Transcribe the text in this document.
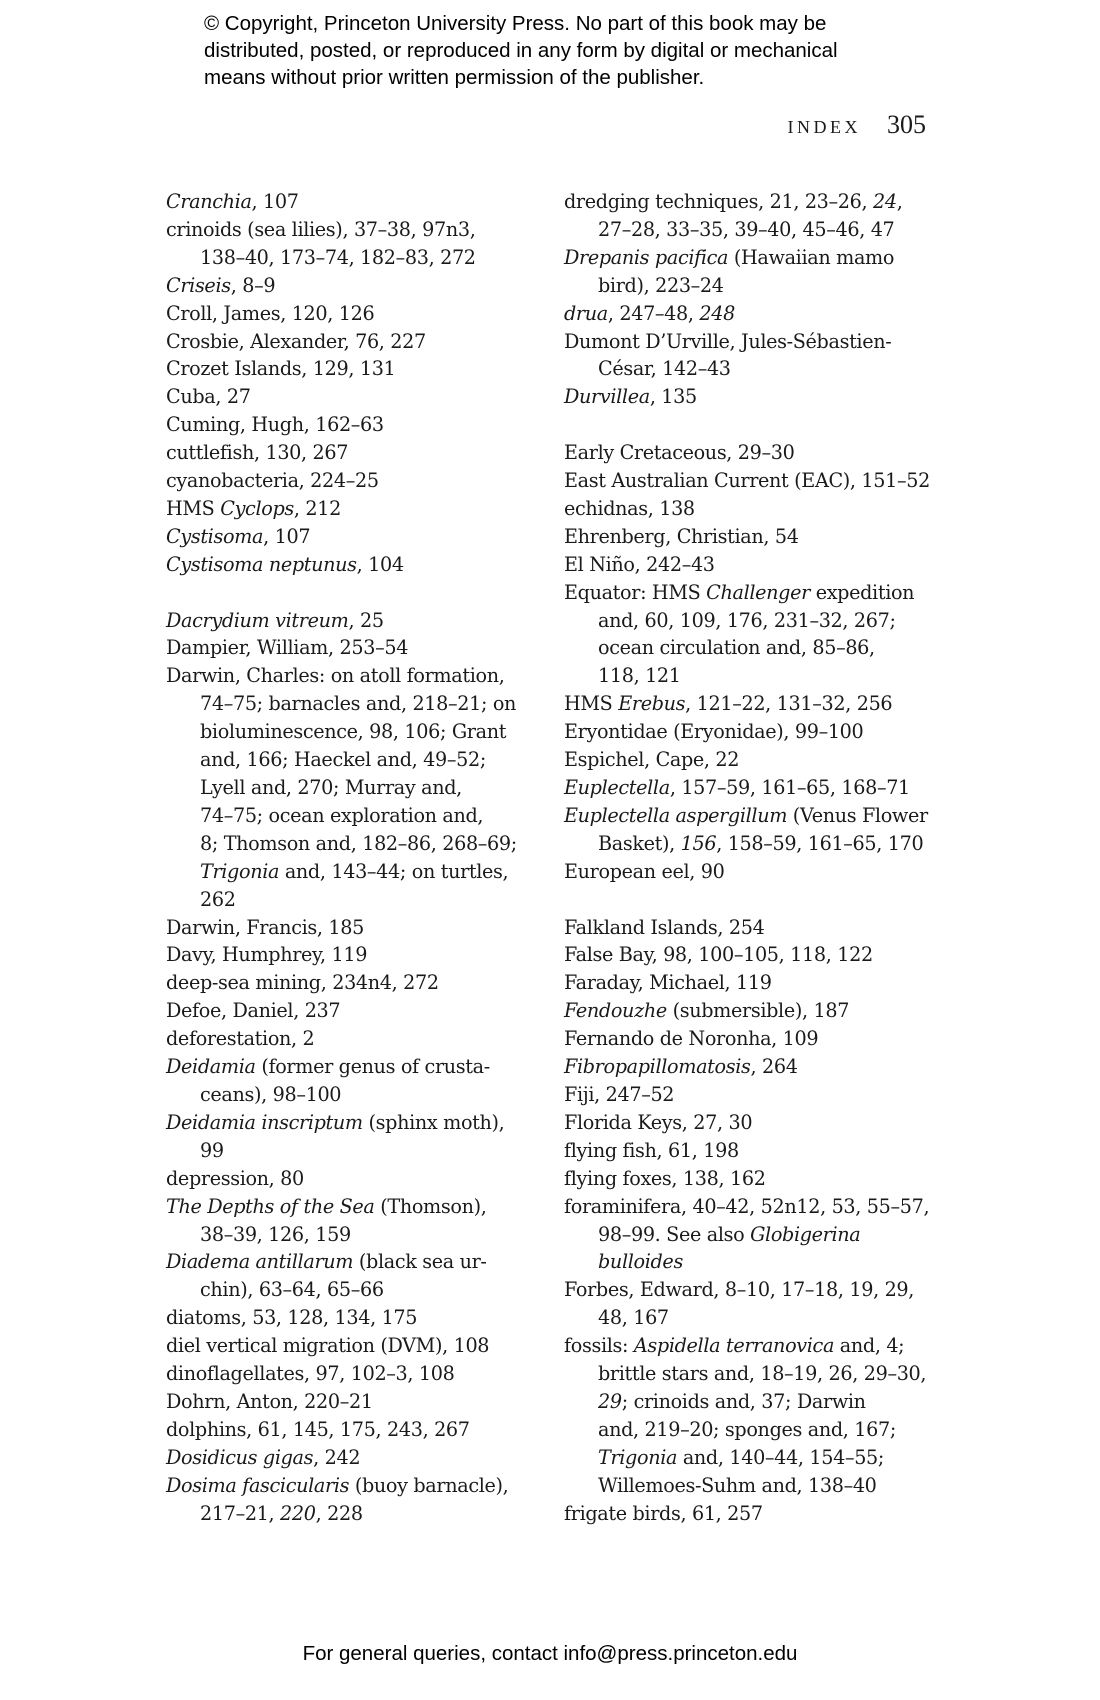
© Copyright, Princeton University Press. No part of this book may be
distributed, posted, or reproduced in any form by digital or mechanical
means without prior written permission of the publisher.
INDEX 305
Cranchia, 107
crinoids (sea lilies), 37–38, 97n3,
138–40, 173–74, 182–83, 272
Criseis, 8–9
Croll, James, 120, 126
Crosbie, Alexander, 76, 227
Crozet Islands, 129, 131
Cuba, 27
Cuming, Hugh, 162–63
cuttlefish, 130, 267
cyanobacteria, 224–25
HMS Cyclops, 212
Cystisoma, 107
Cystisoma neptunus, 104
Dacrydium vitreum, 25
Dampier, William, 253–54
Darwin, Charles: on atoll formation,
74–75; barnacles and, 218–21; on
bioluminescence, 98, 106; Grant
and, 166; Haeckel and, 49–52;
Lyell and, 270; Murray and,
74–75; ocean exploration and,
8; Thomson and, 182–86, 268–69;
Trigonia and, 143–44; on turtles,
262
Darwin, Francis, 185
Davy, Humphrey, 119
deep-sea mining, 234n4, 272
Defoe, Daniel, 237
deforestation, 2
Deidamia (former genus of crusta-
ceans), 98–100
Deidamia inscriptum (sphinx moth),
99
depression, 80
The Depths of the Sea (Thomson),
38–39, 126, 159
Diadema antillarum (black sea ur-
chin), 63–64, 65–66
diatoms, 53, 128, 134, 175
diel vertical migration (DVM), 108
dinoflagellates, 97, 102–3, 108
Dohrn, Anton, 220–21
dolphins, 61, 145, 175, 243, 267
Dosidicus gigas, 242
Dosima fascicularis (buoy barnacle),
217–21, 220, 228
dredging techniques, 21, 23–26, 24,
27–28, 33–35, 39–40, 45–46, 47
Drepanis pacifica (Hawaiian mamo
bird), 223–24
drua, 247–48, 248
Dumont D’Urville, Jules-Sébastien-
César, 142–43
Durvillea, 135
Early Cretaceous, 29–30
East Australian Current (EAC), 151–52
echidnas, 138
Ehrenberg, Christian, 54
El Niño, 242–43
Equator: HMS Challenger expedition
and, 60, 109, 176, 231–32, 267;
ocean circulation and, 85–86,
118, 121
HMS Erebus, 121–22, 131–32, 256
Eryontidae (Eryonidae), 99–100
Espichel, Cape, 22
Euplectella, 157–59, 161–65, 168–71
Euplectella aspergillum (Venus Flower
Basket), 156, 158–59, 161–65, 170
European eel, 90
Falkland Islands, 254
False Bay, 98, 100–105, 118, 122
Faraday, Michael, 119
Fendouzhe (submersible), 187
Fernando de Noronha, 109
Fibropapillomatosis, 264
Fiji, 247–52
Florida Keys, 27, 30
flying fish, 61, 198
flying foxes, 138, 162
foraminifera, 40–42, 52n12, 53, 55–57,
98–99. See also Globigerina
bulloides
Forbes, Edward, 8–10, 17–18, 19, 29,
48, 167
fossils: Aspidella terranovica and, 4;
brittle stars and, 18–19, 26, 29–30,
29; crinoids and, 37; Darwin
and, 219–20; sponges and, 167;
Trigonia and, 140–44, 154–55;
Willemoes-Suhm and, 138–40
frigate birds, 61, 257
For general queries, contact info@press.princeton.edu
